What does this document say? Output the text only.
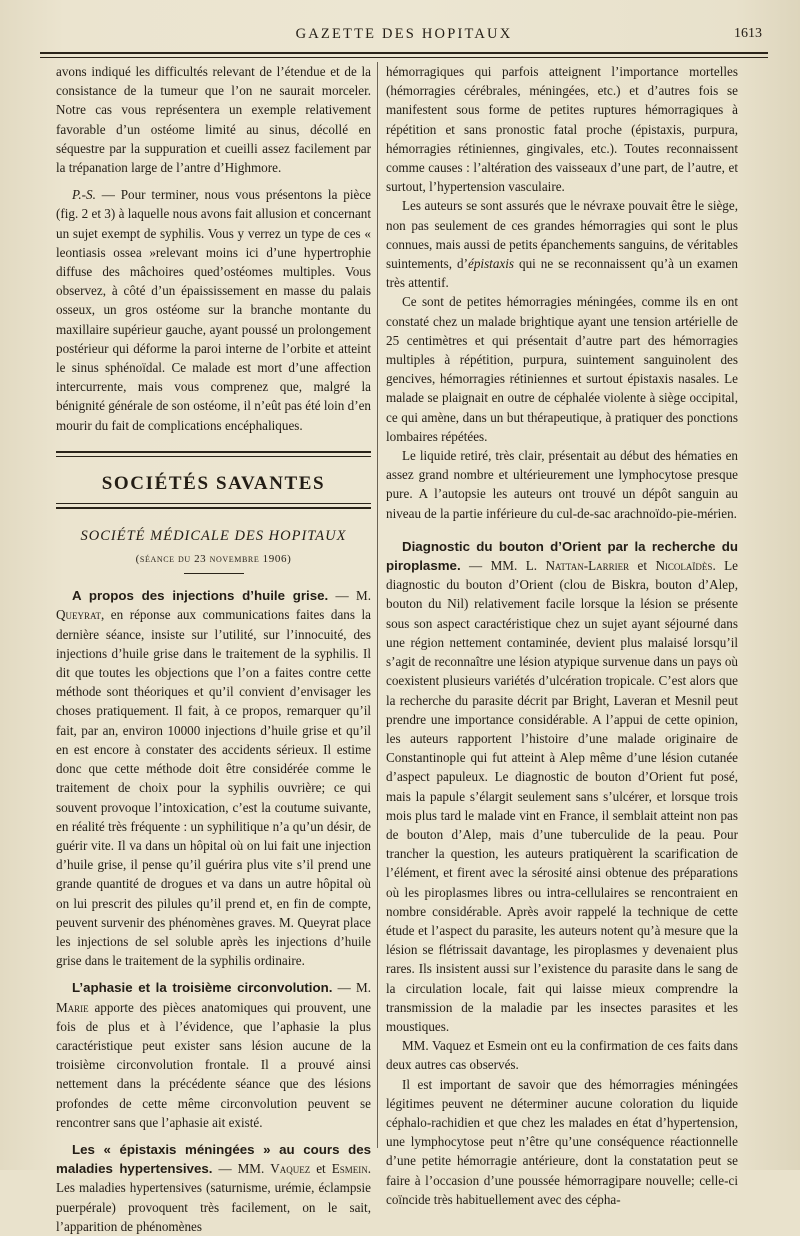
GAZETTE DES HOPITAUX	1613

avons indiqué les difficultés relevant de l’étendue et de la consistance de la tumeur que l’on ne saurait morceler. Notre cas vous représentera un exemple relativement favorable d’un ostéome limité au sinus, décollé en séquestre par la suppuration et cueilli assez facilement par la trépanation large de l’antre d’Highmore.

P.-S. — Pour terminer, nous vous présentons la pièce (fig. 2 et 3) à laquelle nous avons fait allusion et concernant un sujet exempt de syphilis. Vous y verrez un type de ces « leontiasis ossea »relevant moins ici d’une hypertrophie diffuse des mâchoires qued’ostéomes multiples. Vous observez, à côté d’un épaississement en masse du palais osseux, un gros ostéome sur la branche montante du maxillaire supérieur gauche, ayant poussé un prolongement postérieur qui déforme la paroi interne de l’orbite et atteint le sinus sphénoïdal. Ce malade est mort d’une affection intercurrente, mais vous comprenez que, malgré la bénignité générale de son ostéome, il n’eût pas été loin d’en mourir du fait de complications encéphaliques.

SOCIÉTÉS SAVANTES
SOCIÉTÉ MÉDICALE DES HOPITAUX
(séance du 23 novembre 1906)

A propos des injections d’huile grise. — M. Queyrat, en réponse aux communications faites dans la dernière séance, insiste sur l’utilité, sur l’innocuité, des injections d’huile grise dans le traitement de la syphilis. Il dit que toutes les objections que l’on a faites contre cette méthode sont théoriques et qu’il convient d’envisager les choses pratiquement. Il fait, à ce propos, remarquer qu’il fait, par an, environ 10000 injections d’huile grise et qu’il en est encore à constater des accidents sérieux. Il estime donc que cette méthode doit être considérée comme le traitement de choix pour la syphilis ouvrière; ce qui souvent provoque l’intoxication, c’est la coutume suivante, en réalité très fréquente : un syphilitique n’a qu’un désir, de guérir vite. Il va dans un hôpital où on lui fait une injection d’huile grise, il pense qu’il guérira plus vite s’il prend une grande quantité de drogues et va dans un autre hôpital où on lui prescrit des pilules qu’il prend et, en fin de compte, peuvent survenir des phénomènes graves. M. Queyrat place les injections de sel soluble après les injections d’huile grise dans le traitement de la syphilis ordinaire.

L’aphasie et la troisième circonvolution. — M. Marie apporte des pièces anatomiques qui prouvent, une fois de plus et à l’évidence, que l’aphasie la plus caractéristique peut exister sans lésion aucune de la troisième circonvolution frontale. Il a prouvé ainsi nettement dans la précédente séance que des lésions profondes de cette même circonvolution peuvent se rencontrer sans que l’aphasie ait existé.

Les « épistaxis méningées » au cours des maladies hypertensives. — MM. Vaquez et Esmein. Les maladies hypertensives (saturnisme, urémie, éclampsie puerpérale) provoquent très facilement, on le sait, l’apparition de phénomènes

hémorragiques qui parfois atteignent l’importance mortelles (hémorragies cérébrales, méningées, etc.) et d’autres fois se manifestent sous forme de petites ruptures hémorragiques à répétition et sans pronostic fatal proche (épistaxis, purpura, hémorragies rétiniennes, gingivales, etc.). Toutes reconnaissent comme causes : l’altération des vaisseaux d’une part, de l’autre, et surtout, l’hypertension vasculaire.

Les auteurs se sont assurés que le névraxe pouvait être le siège, non pas seulement de ces grandes hémorragies qui sont le plus connues, mais aussi de petits épanchements sanguins, de véritables suintements, d’épistaxis qui ne se reconnaissent qu’à un examen très attentif.

Ce sont de petites hémorragies méningées, comme ils en ont constaté chez un malade brightique ayant une tension artérielle de 25 centimètres et qui présentait d’autre part des hémorragies multiples à répétition, purpura, suintement sanguinolent des gencives, hémorragies rétiniennes et surtout épistaxis nasales. Le malade se plaignait en outre de céphalée violente à siège occipital, ce qui amène, dans un but thérapeutique, à pratiquer des ponctions lombaires répétées.

Le liquide retiré, très clair, présentait au début des hématies en assez grand nombre et ultérieurement une lymphocytose presque pure. A l’autopsie les auteurs ont trouvé un dépôt sanguin au niveau de la partie inférieure du cul-de-sac arachnoïdo-pie-mérien.

Diagnostic du bouton d’Orient par la recherche du piroplasme. — MM. L. Nattan-Larrier et Nicolaïdès. Le diagnostic du bouton d’Orient (clou de Biskra, bouton d’Alep, bouton du Nil) relativement facile lorsque la lésion se présente sous son aspect caractéristique chez un sujet ayant séjourné dans une région nettement contaminée, devient plus malaisé lorsqu’il s’agit de reconnaître une lésion atypique survenue dans un pays où coexistent plusieurs variétés d’ulcération tropicale. C’est alors que la recherche du parasite décrit par Bright, Laveran et Mesnil peut prendre une importance considérable. A l’appui de cette opinion, les auteurs rapportent l’histoire d’une malade originaire de Constantinople qui fut atteint à Alep même d’une lésion cutanée d’aspect papuleux. Le diagnostic de bouton d’Orient fut posé, mais la papule s’élargit seulement sans s’ulcérer, et lorsque trois mois plus tard le malade vint en France, il semblait atteint non pas de bouton d’Alep, mais d’une tuberculide de la peau. Pour trancher la question, les auteurs pratiquèrent la scarification de l’élément, et firent avec la sérosité ainsi obtenue des préparations où les piroplasmes libres ou intra-cellulaires se rencontraient en nombre considérable. Après avoir rappelé la technique de cette étude et l’aspect du parasite, les auteurs notent qu’à mesure que la lésion se flétrissait davantage, les piroplasmes y devenaient plus rares. Ils insistent aussi sur l’existence du parasite dans le sang de la circulation locale, fait qui laisse mieux comprendre la transmission de la maladie par les insectes parasites et les moustiques.

MM. Vaquez et Esmein ont eu la confirmation de ces faits dans deux autres cas observés.

Il est important de savoir que des hémorragies méningées légitimes peuvent ne déterminer aucune coloration du liquide céphalo-rachidien et que chez les malades en état d’hypertension, une lymphocytose peut n’être qu’une conséquence réactionnelle d’une petite hémorragie antérieure, dont la constatation peut se faire à l’occasion d’une poussée hémorragipare nouvelle; celle-ci coïncide très habituellement avec des cépha-
